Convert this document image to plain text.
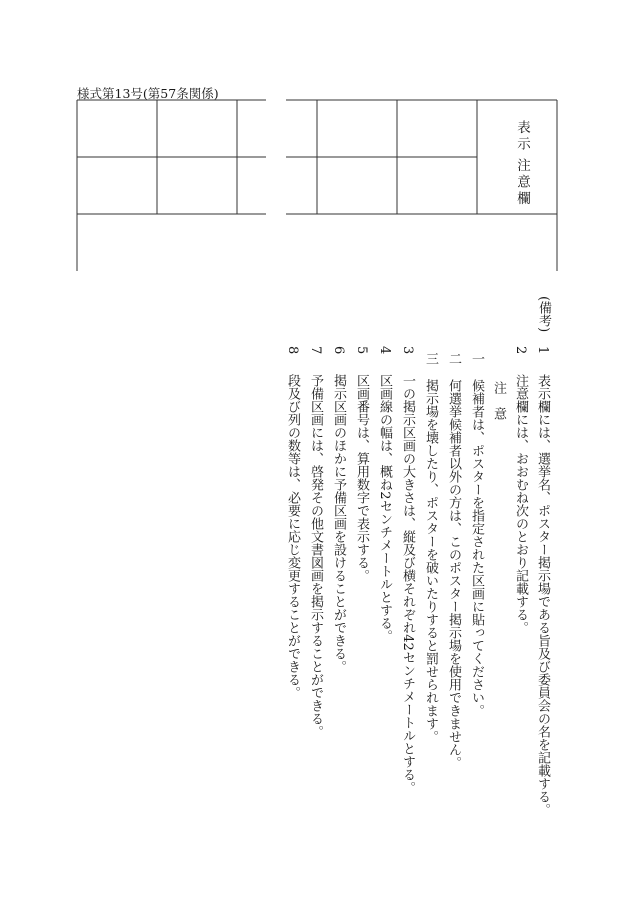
様式第13号(第57条関係)
表示
注意欄
(備考)
1表示欄には、選挙名、ポスター掲示場である旨及び委員会の名を記載する。
2注意欄には、おおむね次のとおり記載する。
注　意
一候補者は、ポスターを指定された区画に貼ってください。
二何選挙候補者以外の方は、このポスター掲示場を使用できません。
三掲示場を壊したり、ポスターを破いたりすると罰せられます。
3一の掲示区画の大きさは、縦及び横それぞれ42センチメートルとする。
4区画線の幅は、概ね2センチメートルとする。
5区画番号は、算用数字で表示する。
6掲示区画のほかに予備区画を設けることができる。
7予備区画には、啓発その他文書図画を掲示することができる。
8段及び列の数等は、必要に応じ変更することができる。
